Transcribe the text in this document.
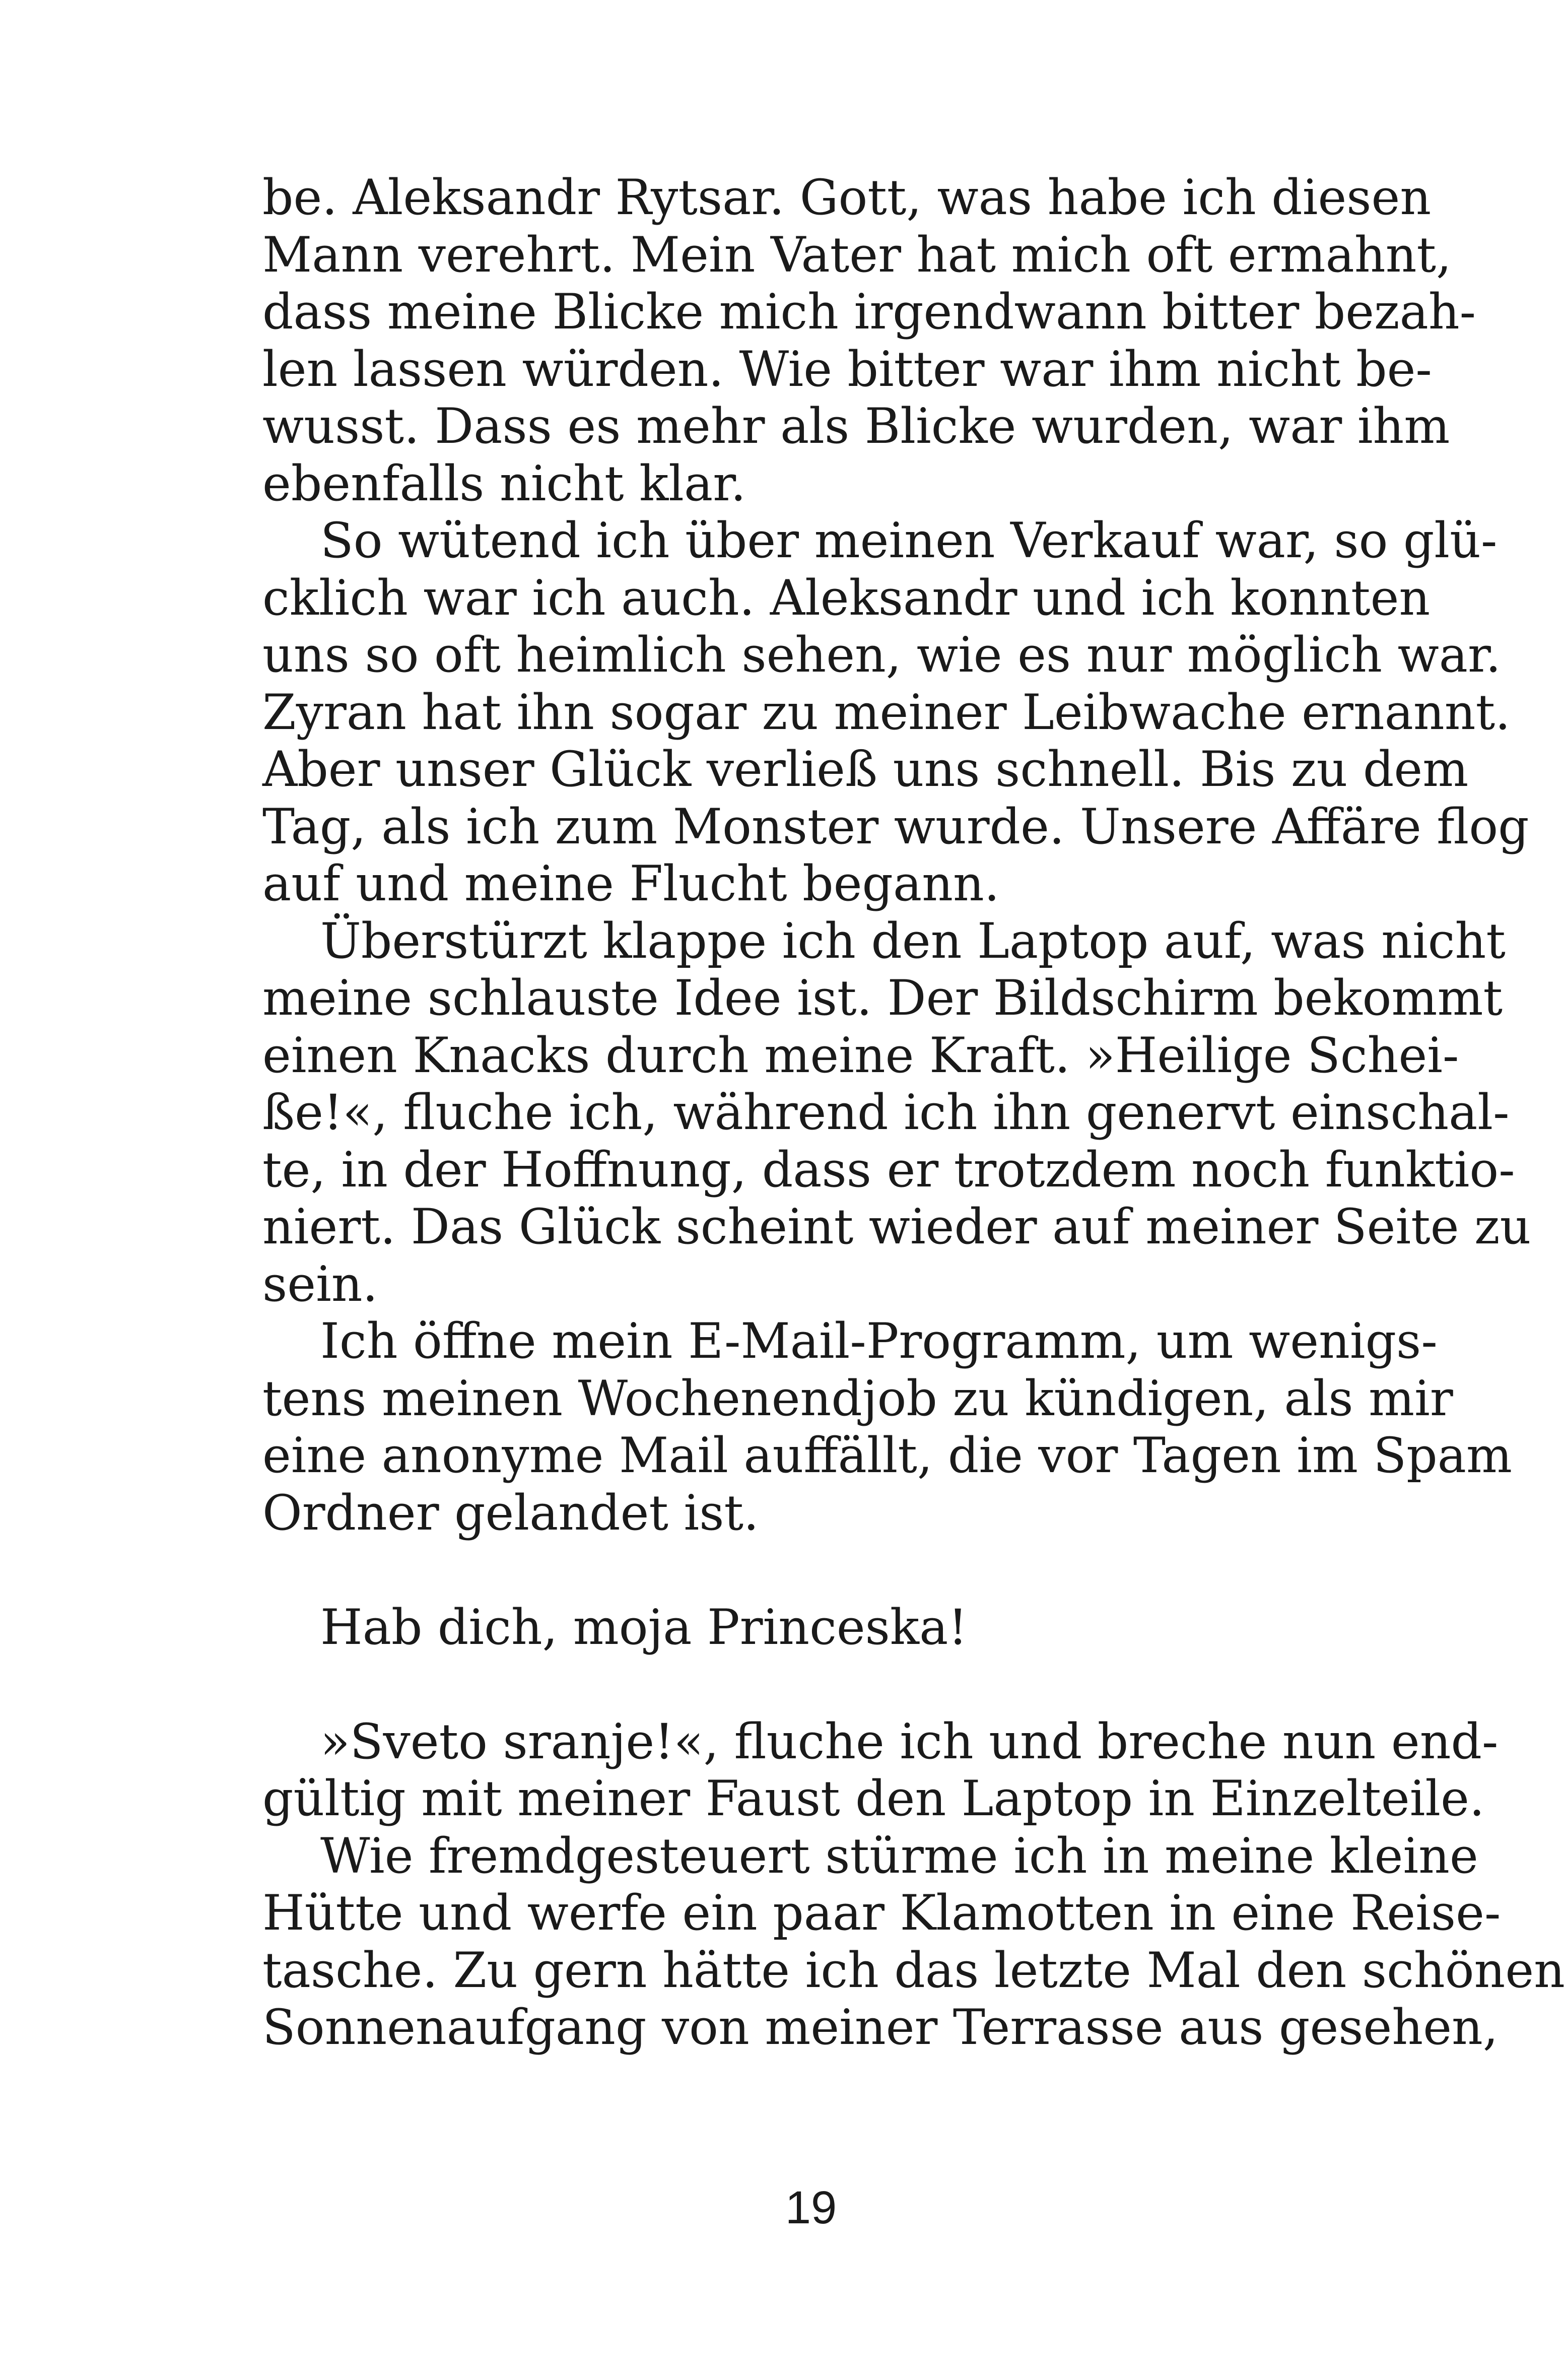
be. Aleksandr Rytsar. Gott, was habe ich diesen
Mann verehrt. Mein Vater hat mich oft ermahnt,
dass meine Blicke mich irgendwann bitter bezah-
len lassen würden. Wie bitter war ihm nicht be-
wusst. Dass es mehr als Blicke wurden, war ihm
ebenfalls nicht klar.
So wütend ich über meinen Verkauf war, so glü-
cklich war ich auch. Aleksandr und ich konnten
uns so oft heimlich sehen, wie es nur möglich war.
Zyran hat ihn sogar zu meiner Leibwache ernannt.
Aber unser Glück verließ uns schnell. Bis zu dem
Tag, als ich zum Monster wurde. Unsere Affäre flog
auf und meine Flucht begann.
Überstürzt klappe ich den Laptop auf, was nicht
meine schlauste Idee ist. Der Bildschirm bekommt
einen Knacks durch meine Kraft. »Heilige Schei-
ße!«, fluche ich, während ich ihn genervt einschal-
te, in der Hoffnung, dass er trotzdem noch funktio-
niert. Das Glück scheint wieder auf meiner Seite zu
sein.
Ich öffne mein E-Mail-Programm, um wenigs-
tens meinen Wochenendjob zu kündigen, als mir
eine anonyme Mail auffällt, die vor Tagen im Spam
Ordner gelandet ist.
Hab dich, moja Princeska!
»Sveto sranje!«, fluche ich und breche nun end-
gültig mit meiner Faust den Laptop in Einzelteile.
Wie fremdgesteuert stürme ich in meine kleine
Hütte und werfe ein paar Klamotten in eine Reise-
tasche. Zu gern hätte ich das letzte Mal den schönen
Sonnenaufgang von meiner Terrasse aus gesehen,
19
